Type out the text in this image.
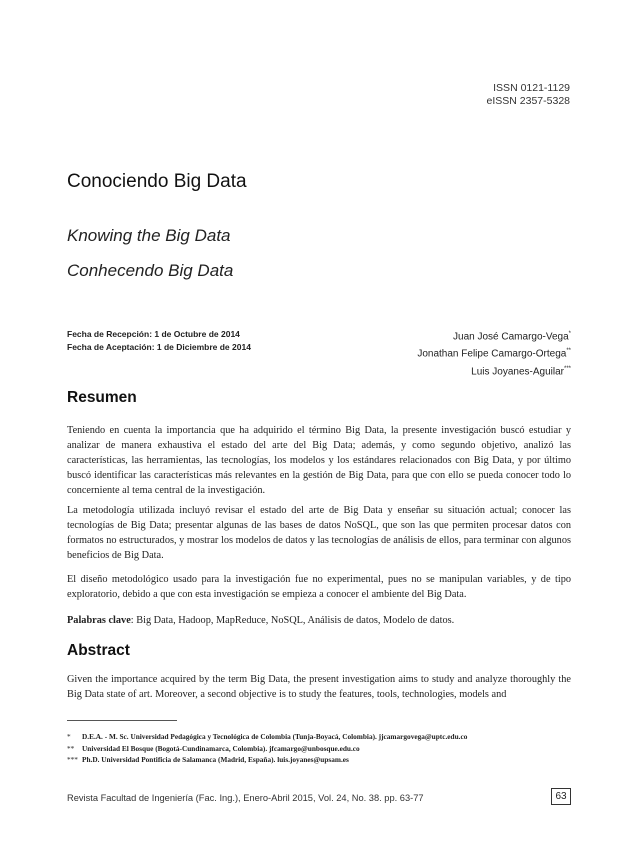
ISSN 0121-1129
eISSN 2357-5328
Conociendo Big Data
Knowing the Big Data
Conhecendo Big Data
Fecha de Recepción: 1 de Octubre de 2014
Fecha de Aceptación: 1 de Diciembre de 2014
Juan José Camargo-Vega*
Jonathan Felipe Camargo-Ortega**
Luis Joyanes-Aguilar***
Resumen
Teniendo en cuenta la importancia que ha adquirido el término Big Data, la presente investigación buscó estudiar y analizar de manera exhaustiva el estado del arte del Big Data; además, y como segundo objetivo, analizó las características, las herramientas, las tecnologías, los modelos y los estándares relacionados con Big Data, y por último buscó identificar las características más relevantes en la gestión de Big Data, para que con ello se pueda conocer todo lo concerniente al tema central de la investigación.
La metodología utilizada incluyó revisar el estado del arte de Big Data y enseñar su situación actual; conocer las tecnologías de Big Data; presentar algunas de las bases de datos NoSQL, que son las que permiten procesar datos con formatos no estructurados, y mostrar los modelos de datos y las tecnologías de análisis de ellos, para terminar con algunos beneficios de Big Data.
El diseño metodológico usado para la investigación fue no experimental, pues no se manipulan variables, y de tipo exploratorio, debido a que con esta investigación se empieza a conocer el ambiente del Big Data.
Palabras clave: Big Data, Hadoop, MapReduce, NoSQL, Análisis de datos, Modelo de datos.
Abstract
Given the importance acquired by the term Big Data, the present investigation aims to study and analyze thoroughly the Big Data state of art. Moreover, a second objective is to study the features, tools, technologies, models and
*	D.E.A. - M. Sc. Universidad Pedagógica y Tecnológica de Colombia (Tunja-Boyacá, Colombia). jjcamargovega@uptc.edu.co
**	Universidad El Bosque (Bogotá-Cundinamarca, Colombia). jfcamargo@unbosque.edu.co
*** Ph.D. Universidad Pontificia de Salamanca (Madrid, España). luis.joyanes@upsam.es
Revista Facultad de Ingeniería (Fac. Ing.), Enero-Abril 2015, Vol. 24, No. 38. pp. 63-77	63
